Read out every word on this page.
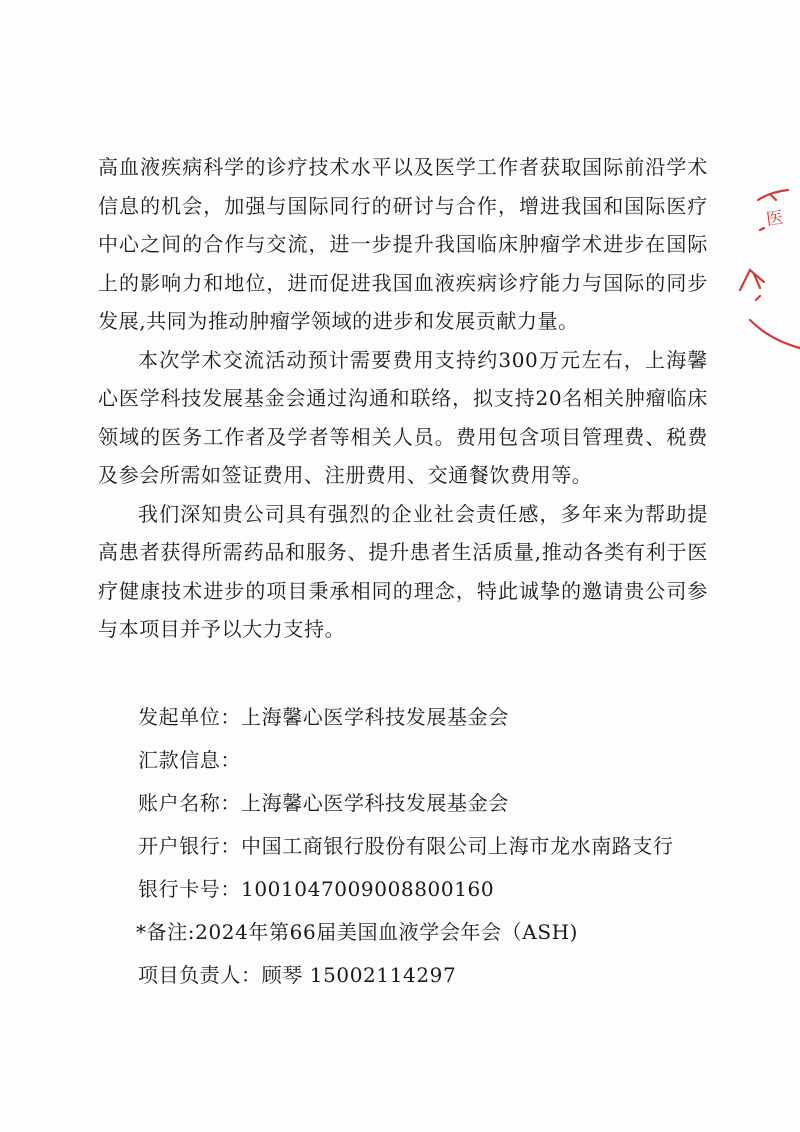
高血液疾病科学的诊疗技术水平以及医学工作者获取国际前沿学术信息的机会，加强与国际同行的研讨与合作，增进我国和国际医疗中心之间的合作与交流，进一步提升我国临床肿瘤学术进步在国际上的影响力和地位，进而促进我国血液疾病诊疗能力与国际的同步发展,共同为推动肿瘤学领域的进步和发展贡献力量。

本次学术交流活动预计需要费用支持约300万元左右，上海馨心医学科技发展基金会通过沟通和联络，拟支持20名相关肿瘤临床领域的医务工作者及学者等相关人员。费用包含项目管理费、税费及参会所需如签证费用、注册费用、交通餐饮费用等。

我们深知贵公司具有强烈的企业社会责任感，多年来为帮助提高患者获得所需药品和服务、提升患者生活质量,推动各类有利于医疗健康技术进步的项目秉承相同的理念，特此诚挚的邀请贵公司参与本项目并予以大力支持。

发起单位：上海馨心医学科技发展基金会
汇款信息：
账户名称：上海馨心医学科技发展基金会
开户银行：中国工商银行股份有限公司上海市龙水南路支行
银行卡号：1001047009008800160
*备注:2024年第66届美国血液学会年会（ASH)
项目负责人：顾琴 15002114297
医
